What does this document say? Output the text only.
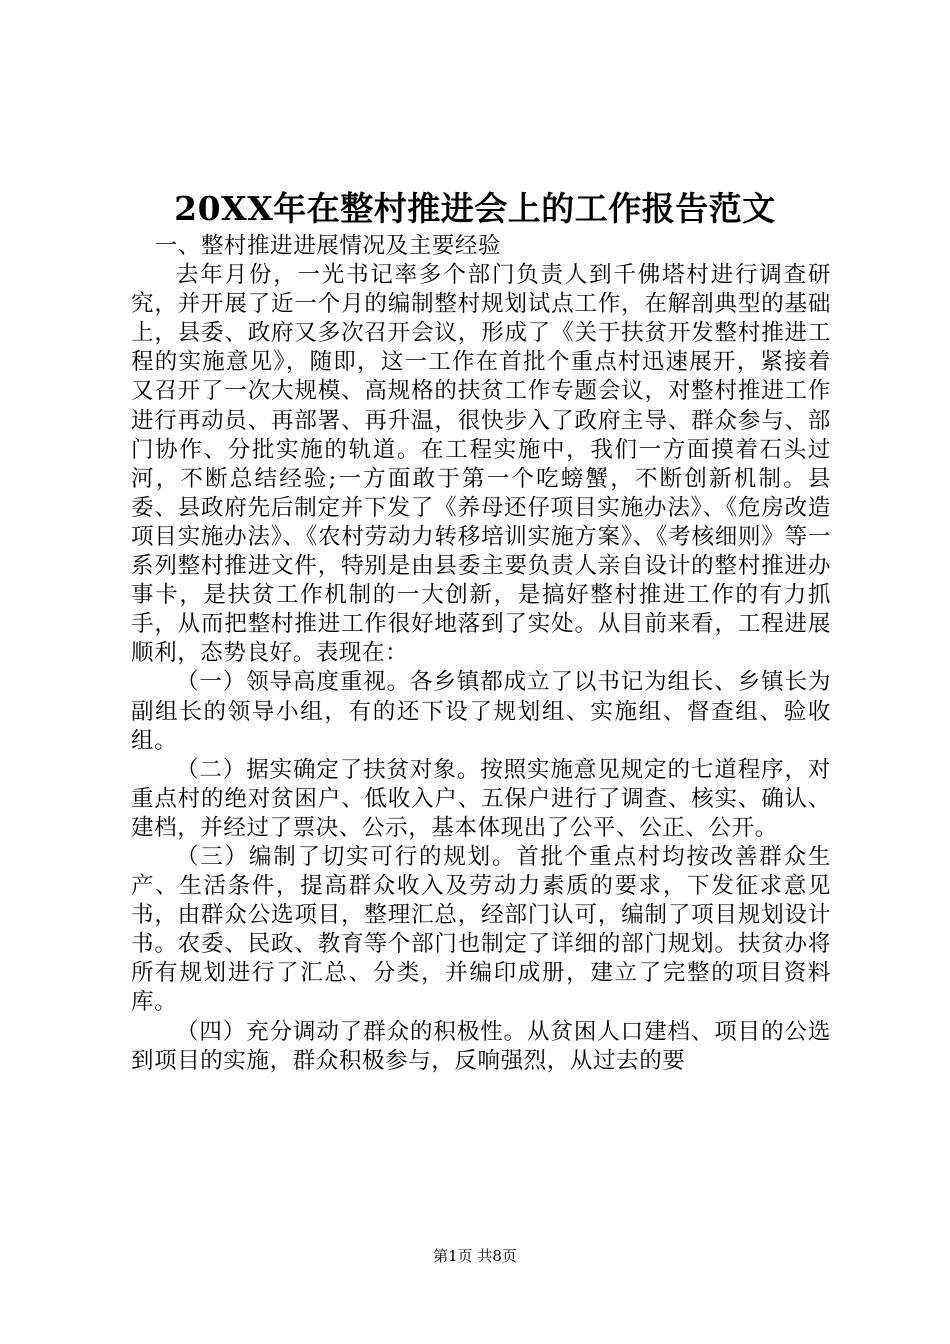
20XX年在整村推进会上的工作报告范文

一、整村推进进展情况及主要经验

去年月份，一光书记率多个部门负责人到千佛塔村进行调查研究，并开展了近一个月的编制整村规划试点工作，在解剖典型的基础上，县委、政府又多次召开会议，形成了《关于扶贫开发整村推进工程的实施意见》，随即，这一工作在首批个重点村迅速展开，紧接着又召开了一次大规模、高规格的扶贫工作专题会议，对整村推进工作进行再动员、再部署、再升温，很快步入了政府主导、群众参与、部门协作、分批实施的轨道。在工程实施中，我们一方面摸着石头过河，不断总结经验;一方面敢于第一个吃螃蟹，不断创新机制。县委、县政府先后制定并下发了《养母还仔项目实施办法》、《危房改造项目实施办法》、《农村劳动力转移培训实施方案》、《考核细则》等一系列整村推进文件，特别是由县委主要负责人亲自设计的整村推进办事卡，是扶贫工作机制的一大创新，是搞好整村推进工作的有力抓手，从而把整村推进工作很好地落到了实处。从目前来看，工程进展顺利，态势良好。表现在：

（一）领导高度重视。各乡镇都成立了以书记为组长、乡镇长为副组长的领导小组，有的还下设了规划组、实施组、督查组、验收组。

（二）据实确定了扶贫对象。按照实施意见规定的七道程序，对重点村的绝对贫困户、低收入户、五保户进行了调查、核实、确认、建档，并经过了票决、公示，基本体现出了公平、公正、公开。

（三）编制了切实可行的规划。首批个重点村均按改善群众生产、生活条件，提高群众收入及劳动力素质的要求，下发征求意见书，由群众公选项目，整理汇总，经部门认可，编制了项目规划设计书。农委、民政、教育等个部门也制定了详细的部门规划。扶贫办将所有规划进行了汇总、分类，并编印成册，建立了完整的项目资料库。

（四）充分调动了群众的积极性。从贫困人口建档、项目的公选到项目的实施，群众积极参与，反响强烈，从过去的要

第1页 共8页
